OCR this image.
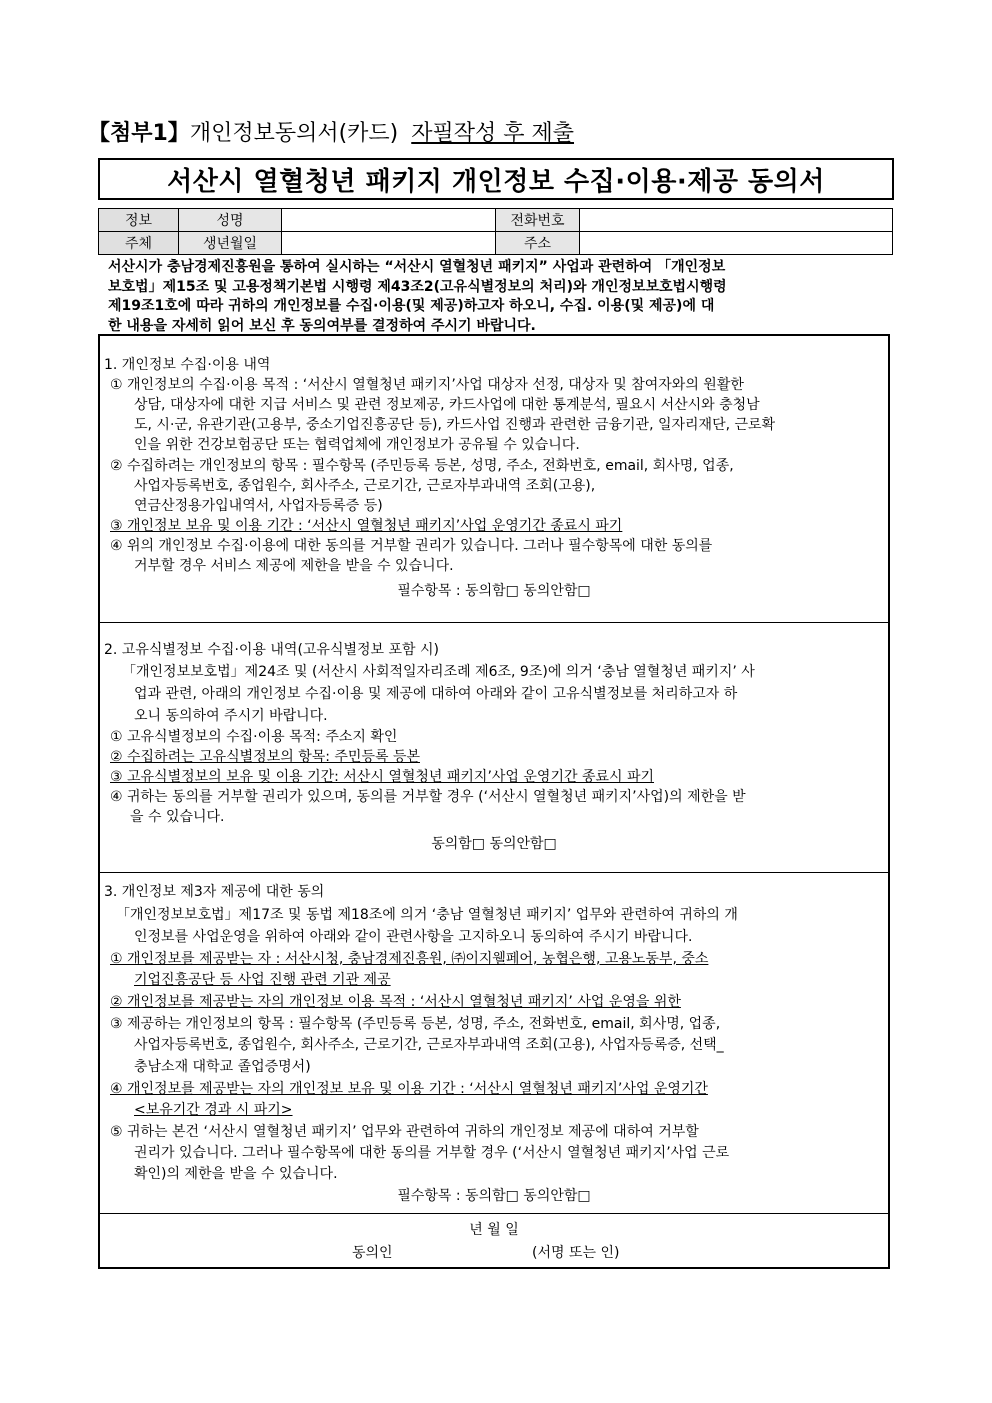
【첨부1】개인정보동의서(카드) 자필작성 후 제출
서산시 열혈청년 패키지 개인정보 수집·이용·제공 동의서
정보	성명		전화번호	
주체	생년월일		주소	

서산시가 충남경제진흥원을 통하여 실시하는 “서산시 열혈청년 패키지” 사업과 관련하여 「개인정보

보호법」제15조 및 고용정책기본법 시행령 제43조2(고유식별정보의 처리)와 개인정보보호법시행령

제19조1호에 따라 귀하의 개인정보를 수집·이용(및 제공)하고자 하오니, 수집. 이용(및 제공)에 대

한 내용을 자세히 읽어 보신 후 동의여부를 결정하여 주시기 바랍니다.

1. 개인정보 수집·이용 내역
① 개인정보의 수집·이용 목적 : ‘서산시 열혈청년 패키지’사업 대상자 선정, 대상자 및 참여자와의 원활한
상담, 대상자에 대한 지급 서비스 및 관련 정보제공, 카드사업에 대한 통계분석, 필요시 서산시와 충청남
도, 시·군, 유관기관(고용부, 중소기업진흥공단 등), 카드사업 진행과 관련한 금융기관, 일자리재단, 근로확
인을 위한 건강보험공단 또는 협력업체에 개인정보가 공유될 수 있습니다.
② 수집하려는 개인정보의 항목 : 필수항목 (주민등록 등본, 성명, 주소, 전화번호, email, 회사명, 업종,
사업자등록번호, 종업원수, 회사주소, 근로기간, 근로자부과내역 조회(고용),
연금산정용가입내역서, 사업자등록증 등)
③ 개인정보 보유 및 이용 기간 : ‘서산시 열혈청년 패키지’사업 운영기간 종료시 파기
④ 위의 개인정보 수집·이용에 대한 동의를 거부할 권리가 있습니다. 그러나 필수항목에 대한 동의를
거부할 경우 서비스 제공에 제한을 받을 수 있습니다.
필수항목 : 동의함□ 동의안함□
2. 고유식별정보 수집·이용 내역(고유식별정보 포함 시)
「개인정보보호법」제24조 및 (서산시 사회적일자리조례 제6조, 9조)에 의거 ‘충남 열혈청년 패키지’ 사
업과 관련, 아래의 개인정보 수집·이용 및 제공에 대하여 아래와 같이 고유식별정보를 처리하고자 하
오니 동의하여 주시기 바랍니다.
① 고유식별정보의 수집·이용 목적: 주소지 확인
② 수집하려는 고유식별정보의 항목: 주민등록 등본
③ 고유식별정보의 보유 및 이용 기간: 서산시 열혈청년 패키지’사업 운영기간 종료시 파기
④ 귀하는 동의를 거부할 권리가 있으며, 동의를 거부할 경우 (‘서산시 열혈청년 패키지’사업)의 제한을 받
을 수 있습니다.
동의함□ 동의안함□
3. 개인정보 제3자 제공에 대한 동의
「개인정보보호법」제17조 및 동법 제18조에 의거 ‘충남 열혈청년 패키지’ 업무와 관련하여 귀하의 개
인정보를 사업운영을 위하여 아래와 같이 관련사항을 고지하오니 동의하여 주시기 바랍니다.
① 개인정보를 제공받는 자 : 서산시청, 충남경제진흥원, ㈜이지웰페어, 농협은행, 고용노동부, 중소
기업진흥공단 등 사업 진행 관련 기관 제공
② 개인정보를 제공받는 자의 개인정보 이용 목적 : ‘서산시 열혈청년 패키지’ 사업 운영을 위한
③ 제공하는 개인정보의 항목 : 필수항목 (주민등록 등본, 성명, 주소, 전화번호, email, 회사명, 업종,
사업자등록번호, 종업원수, 회사주소, 근로기간, 근로자부과내역 조회(고용), 사업자등록증, 선택_
충남소재 대학교 졸업증명서)
④ 개인정보를 제공받는 자의 개인정보 보유 및 이용 기간 : ‘서산시 열혈청년 패키지’사업 운영기간
<보유기간 경과 시 파기>
⑤ 귀하는 본건 ‘서산시 열혈청년 패키지’ 업무와 관련하여 귀하의 개인정보 제공에 대하여 거부할
권리가 있습니다. 그러나 필수항목에 대한 동의를 거부할 경우 (‘서산시 열혈청년 패키지’사업 근로
확인)의 제한을 받을 수 있습니다.
필수항목 : 동의함□ 동의안함□
년 월 일
동의인	(서명 또는 인)
